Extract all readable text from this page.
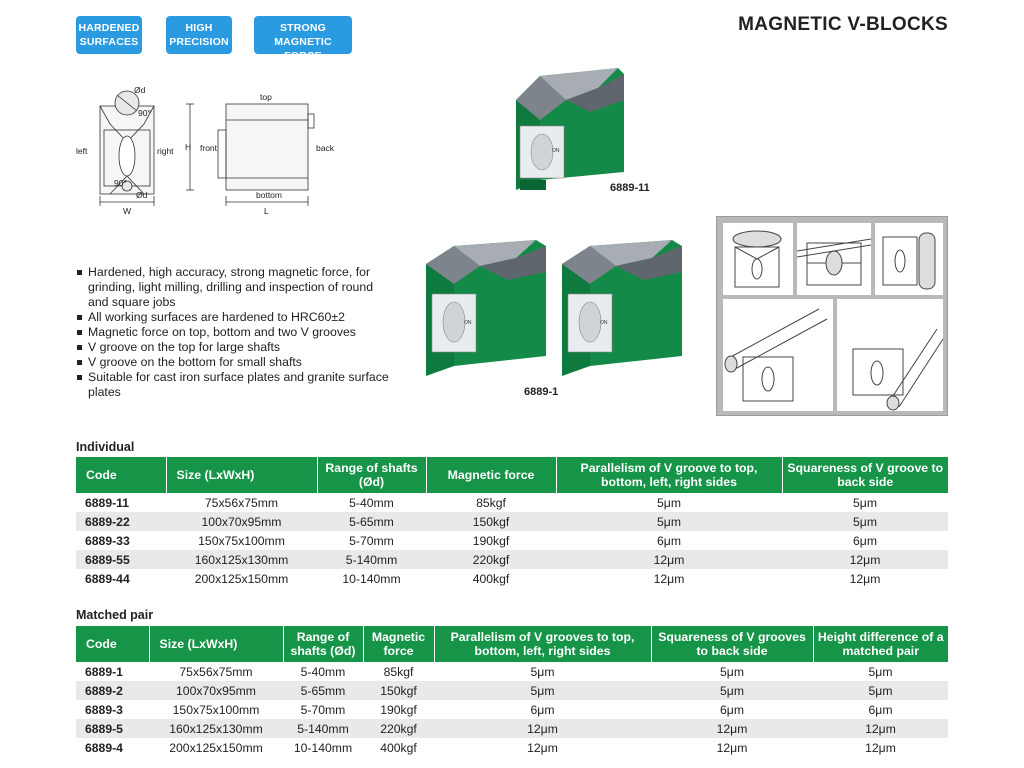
HARDENED
SURFACES
HIGH
PRECISION
STRONG
MAGNETIC FORCE
MAGNETIC V-BLOCKS
Ød
90°
left	right
90°
Ød
W
top
H front	back
bottom
L
Hardened, high accuracy, strong magnetic force, for grinding, light milling, drilling and inspection of round and square jobs
All working surfaces are hardened to HRC60±2
Magnetic force on top, bottom and two V grooves
V groove on the top for large shafts
V groove on the bottom for small shafts
Suitable for cast iron surface plates and granite surface plates
ON
6889-11
ON	ON
6889-1
Individual
Code	Size (LxWxH)	Range of shafts (Ød)	Magnetic force	Parallelism of V groove to top, bottom, left, right sides	Squareness of V groove to back side
6889-11	75x56x75mm	5-40mm	85kgf	5μm	5μm
6889-22	100x70x95mm	5-65mm	150kgf	5μm	5μm
6889-33	150x75x100mm	5-70mm	190kgf	6μm	6μm
6889-55	160x125x130mm	5-140mm	220kgf	12μm	12μm
6889-44	200x125x150mm	10-140mm	400kgf	12μm	12μm
Matched pair
Code	Size (LxWxH)	Range of shafts (Ød)	Magnetic force	Parallelism of V grooves to top, bottom, left, right sides	Squareness of V grooves to back side	Height difference of a matched pair
6889-1	75x56x75mm	5-40mm	85kgf	5μm	5μm	5μm
6889-2	100x70x95mm	5-65mm	150kgf	5μm	5μm	5μm
6889-3	150x75x100mm	5-70mm	190kgf	6μm	6μm	6μm
6889-5	160x125x130mm	5-140mm	220kgf	12μm	12μm	12μm
6889-4	200x125x150mm	10-140mm	400kgf	12μm	12μm	12μm
